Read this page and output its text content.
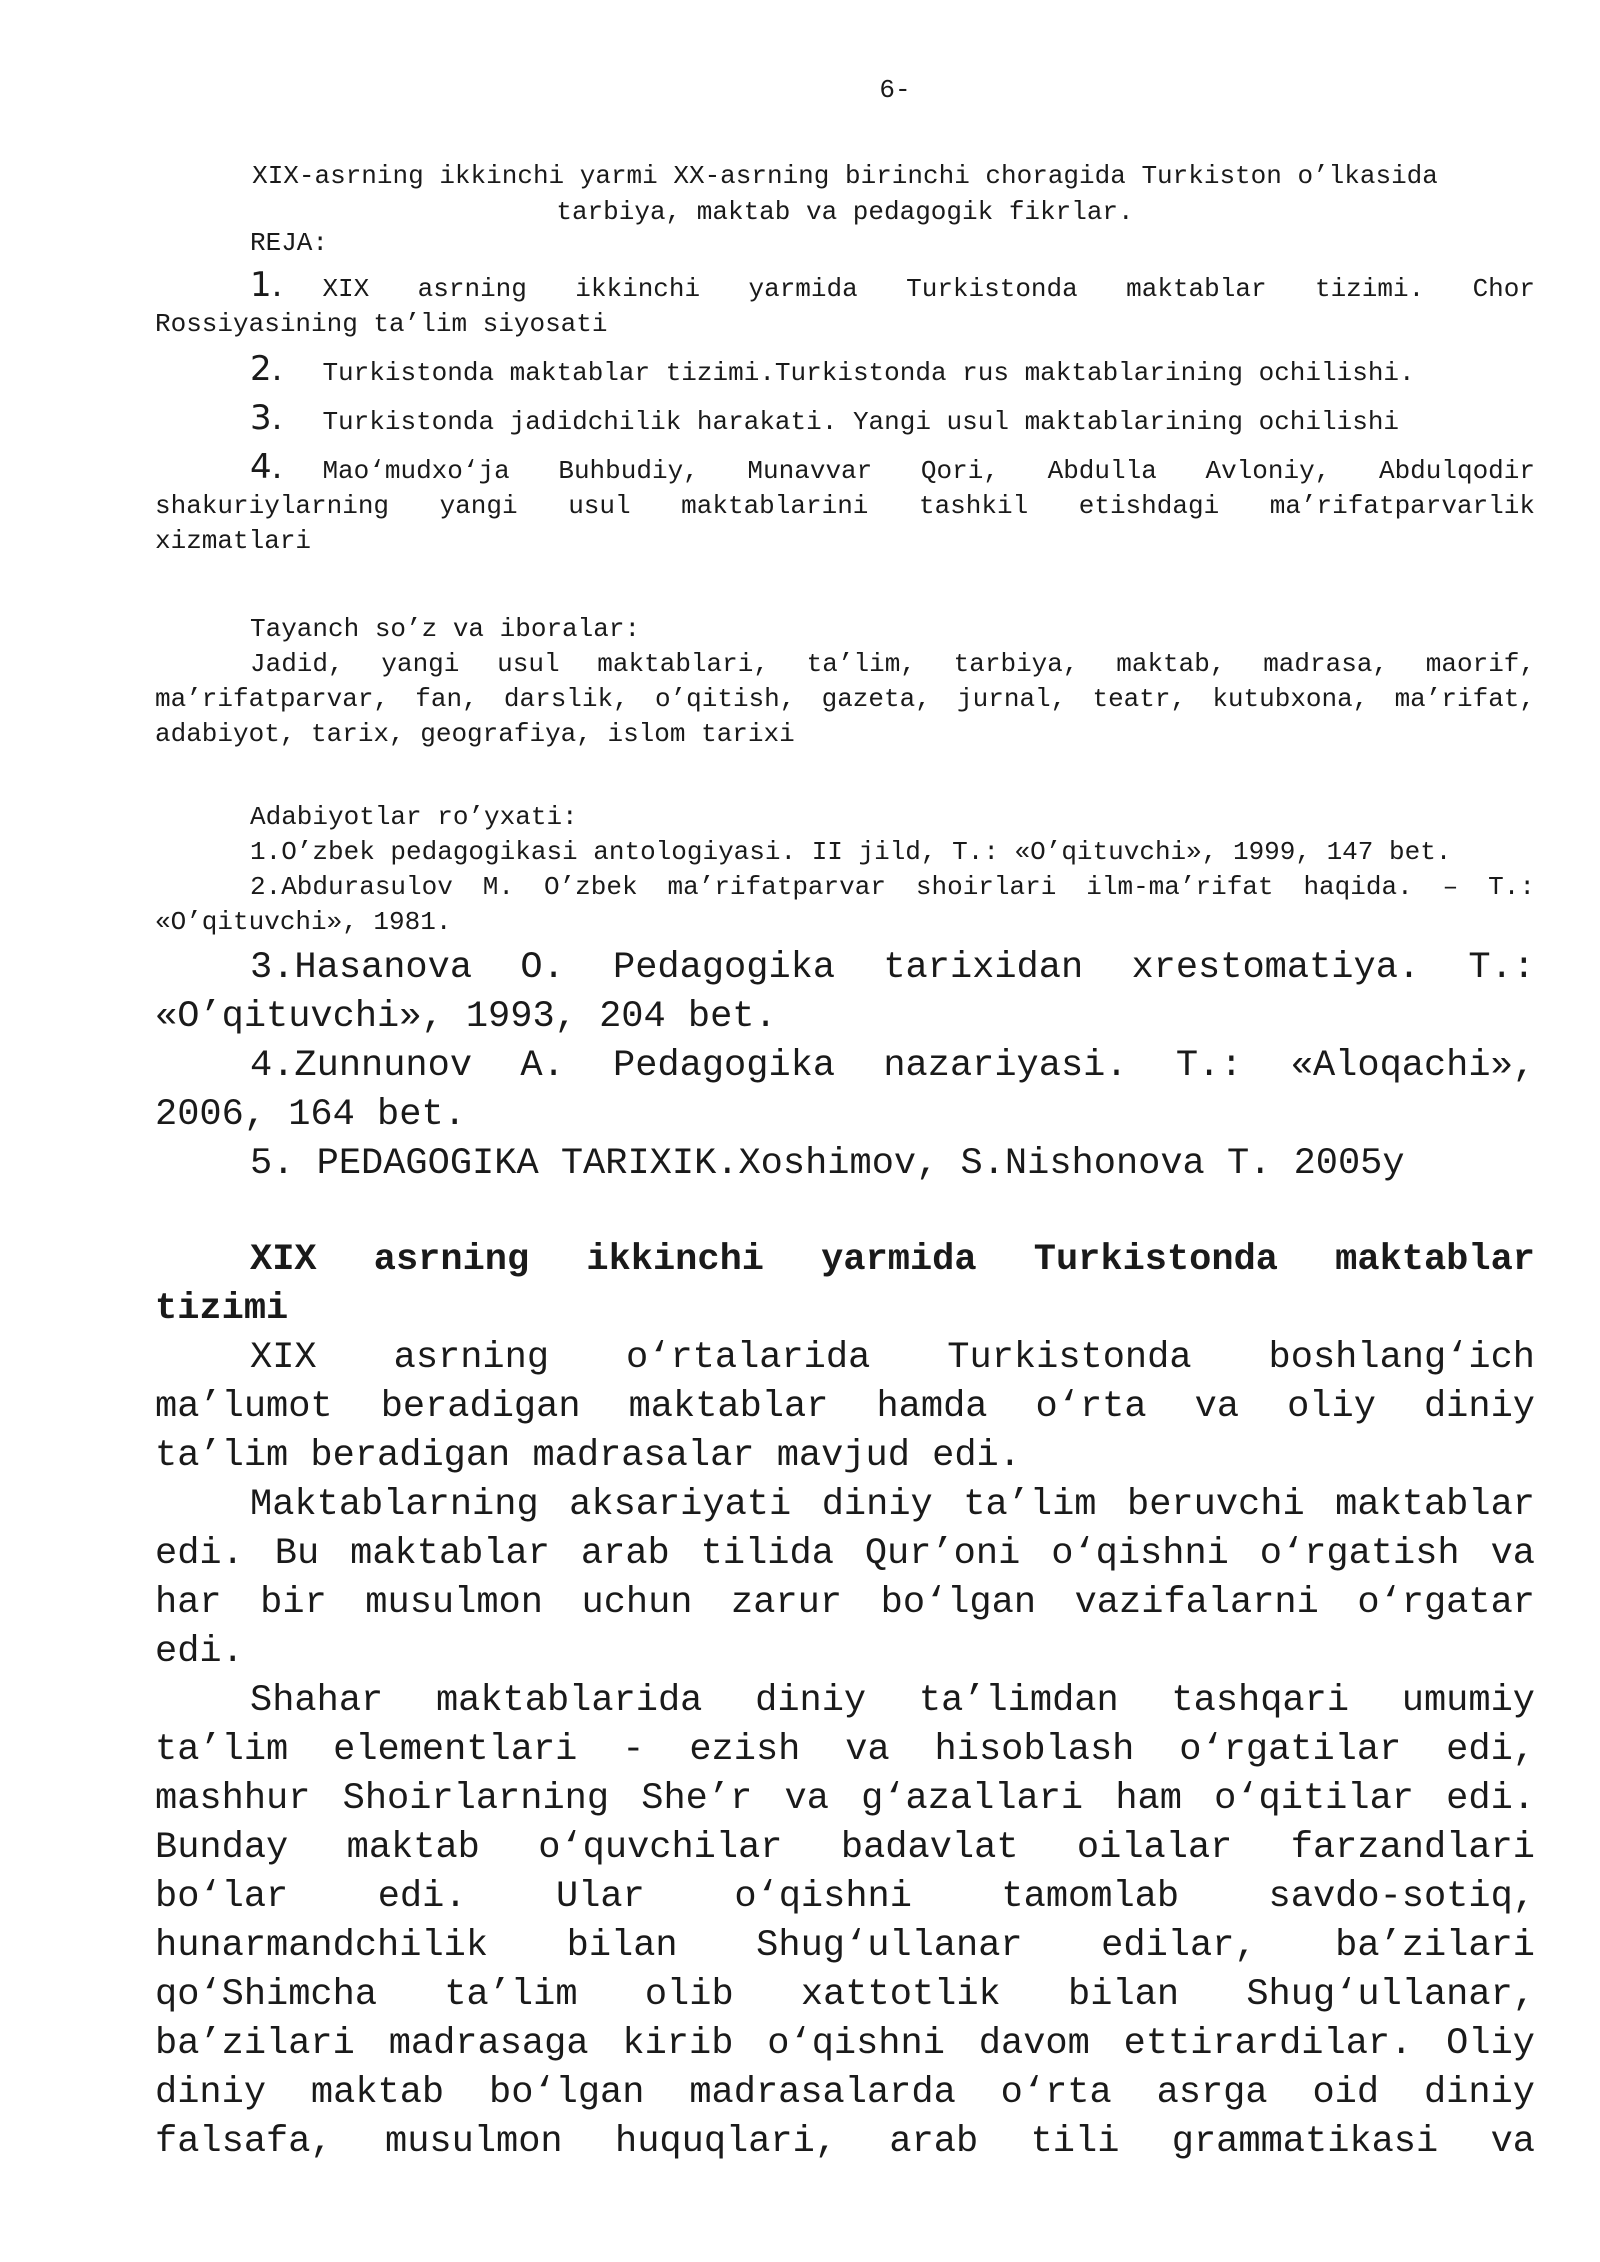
6-
XIX-asrning ikkinchi yarmi XX-asrning birinchi choragida Turkiston o’lkasida
tarbiya, maktab va pedagogik fikrlar.
REJA:
1. XIX asrning ikkinchi yarmida Turkistonda maktablar tizimi. Chor
Rossiyasining ta’lim siyosati
2. Turkistonda maktablar tizimi.Turkistonda rus maktablarining ochilishi.
3. Turkistonda jadidchilik harakati. Yangi usul maktablarining ochilishi
4. Mao‘mudxo‘ja Buhbudiy, Munavvar Qori, Abdulla Avloniy, Abdulqodir
shakuriylarning yangi usul maktablarini tashkil etishdagi ma’rifatparvarlik
xizmatlari
Tayanch so’z va iboralar:
Jadid, yangi usul maktablari, ta’lim, tarbiya, maktab, madrasa, maorif,
ma’rifatparvar, fan, darslik, o’qitish, gazeta, jurnal, teatr, kutubxona, ma’rifat,
adabiyot, tarix, geografiya, islom tarixi
Adabiyotlar ro’yxati:
1.O’zbek pedagogikasi antologiyasi. II jild, T.: «O’qituvchi», 1999, 147 bet.
2.Abdurasulov M. O’zbek ma’rifatparvar shoirlari ilm-ma’rifat haqida. – T.:
«O’qituvchi», 1981.
3.Hasanova O. Pedagogika tarixidan xrestomatiya. T.:
«O’qituvchi», 1993, 204 bet.
4.Zunnunov A. Pedagogika nazariyasi. T.: «Aloqachi»,
2006, 164 bet.
5. PEDAGOGIKA TARIXIK.Xoshimov, S.Nishonova T. 2005y
XIX asrning ikkinchi yarmida Turkistonda maktablar
tizimi
XIX asrning o‘rtalarida Turkistonda boshlang‘ich
ma’lumot beradigan maktablar hamda o‘rta va oliy diniy
ta’lim beradigan madrasalar mavjud edi.
Maktablarning aksariyati diniy ta’lim beruvchi maktablar
edi. Bu maktablar arab tilida Qur’oni o‘qishni o‘rgatish va
har bir musulmon uchun zarur bo‘lgan vazifalarni o‘rgatar
edi.
Shahar maktablarida diniy ta’limdan tashqari umumiy
ta’lim elementlari - ezish va hisoblash o‘rgatilar edi,
mashhur Shoirlarning She’r va g‘azallari ham o‘qitilar edi.
Bunday maktab o‘quvchilar badavlat oilalar farzandlari
bo‘lar edi. Ular o‘qishni tamomlab savdo-sotiq,
hunarmandchilik bilan Shug‘ullanar edilar, ba’zilari
qo‘Shimcha ta’lim olib xattotlik bilan Shug‘ullanar,
ba’zilari madrasaga kirib o‘qishni davom ettirardilar. Oliy
diniy maktab bo‘lgan madrasalarda o‘rta asrga oid diniy
falsafa, musulmon huquqlari, arab tili grammatikasi va
